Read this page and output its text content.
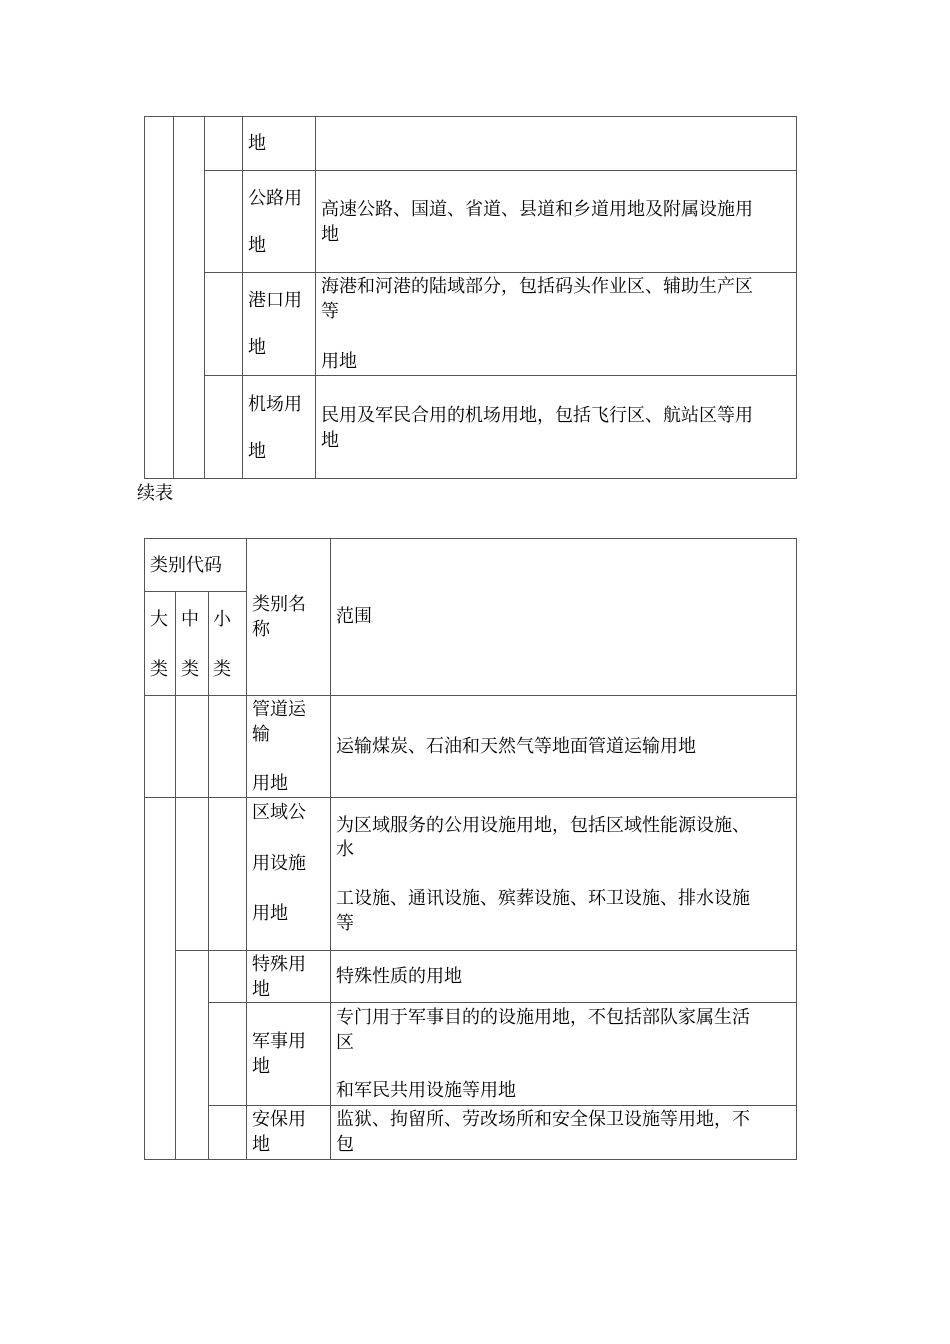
地
公路用
地
高速公路、国道、省道、县道和乡道用地及附属设施用
地
港口用
地
海港和河港的陆域部分，包括码头作业区、辅助生产区
等
用地
机场用
地
民用及军民合用的机场用地，包括飞行区、航站区等用
地
续表
类别代码
大
类
中
类
小
类
类别名
称
范围
管道运
输
用地
运输煤炭、石油和天然气等地面管道运输用地
区域公
用设施
用地
为区域服务的公用设施用地，包括区域性能源设施、
水
工设施、通讯设施、殡葬设施、环卫设施、排水设施
等
特殊用
地
特殊性质的用地
军事用
地
专门用于军事目的的设施用地，不包括部队家属生活
区
和军民共用设施等用地
安保用
地
监狱、拘留所、劳改场所和安全保卫设施等用地，不
包
